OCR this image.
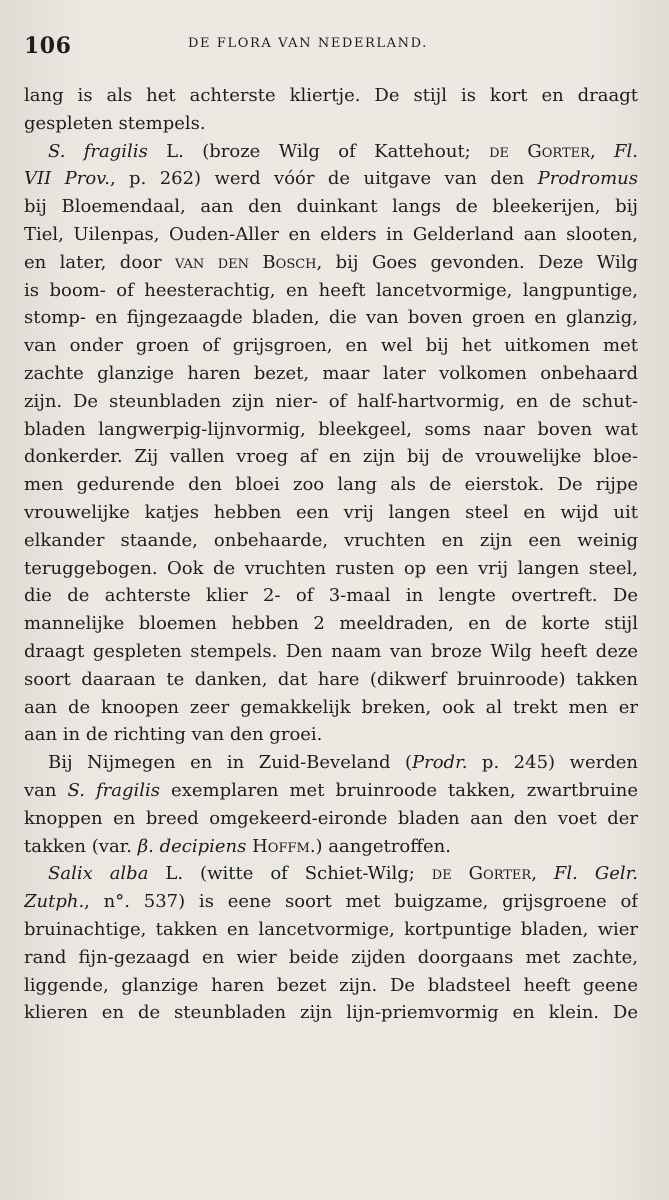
106	DE FLORA VAN NEDERLAND.
lang is als het achterste kliertje. De stijl is kort en draagt
gespleten stempels.
S. fragilis L. (broze Wilg of Kattehout; de Gorter, Fl.
VII Prov., p. 262) werd vóór de uitgave van den Prodromus
bij Bloemendaal, aan den duinkant langs de bleekerijen, bij
Tiel, Uilenpas, Ouden-Aller en elders in Gelderland aan slooten,
en later, door van den Bosch, bij Goes gevonden. Deze Wilg
is boom- of heesterachtig, en heeft lancetvormige, langpuntige,
stomp- en fijngezaagde bladen, die van boven groen en glanzig,
van onder groen of grijsgroen, en wel bij het uitkomen met
zachte glanzige haren bezet, maar later volkomen onbehaard
zijn. De steunbladen zijn nier- of half-hartvormig, en de schut-
bladen langwerpig-lijnvormig, bleekgeel, soms naar boven wat
donkerder. Zij vallen vroeg af en zijn bij de vrouwelijke bloe-
men gedurende den bloei zoo lang als de eierstok. De rijpe
vrouwelijke katjes hebben een vrij langen steel en wijd uit
elkander staande, onbehaarde, vruchten en zijn een weinig
teruggebogen. Ook de vruchten rusten op een vrij langen steel,
die de achterste klier 2- of 3-maal in lengte overtreft. De
mannelijke bloemen hebben 2 meeldraden, en de korte stijl
draagt gespleten stempels. Den naam van broze Wilg heeft deze
soort daaraan te danken, dat hare (dikwerf bruinroode) takken
aan de knoopen zeer gemakkelijk breken, ook al trekt men er
aan in de richting van den groei.
Bij Nijmegen en in Zuid-Beveland (Prodr. p. 245) werden
van S. fragilis exemplaren met bruinroode takken, zwartbruine
knoppen en breed omgekeerd-eironde bladen aan den voet der
takken (var. β. decipiens Hoffm.) aangetroffen.
Salix alba L. (witte of Schiet-Wilg; de Gorter, Fl. Gelr.
Zutph., n°. 537) is eene soort met buigzame, grijsgroene of
bruinachtige, takken en lancetvormige, kortpuntige bladen, wier
rand fijn-gezaagd en wier beide zijden doorgaans met zachte,
liggende, glanzige haren bezet zijn. De bladsteel heeft geene
klieren en de steunbladen zijn lijn-priemvormig en klein. De
